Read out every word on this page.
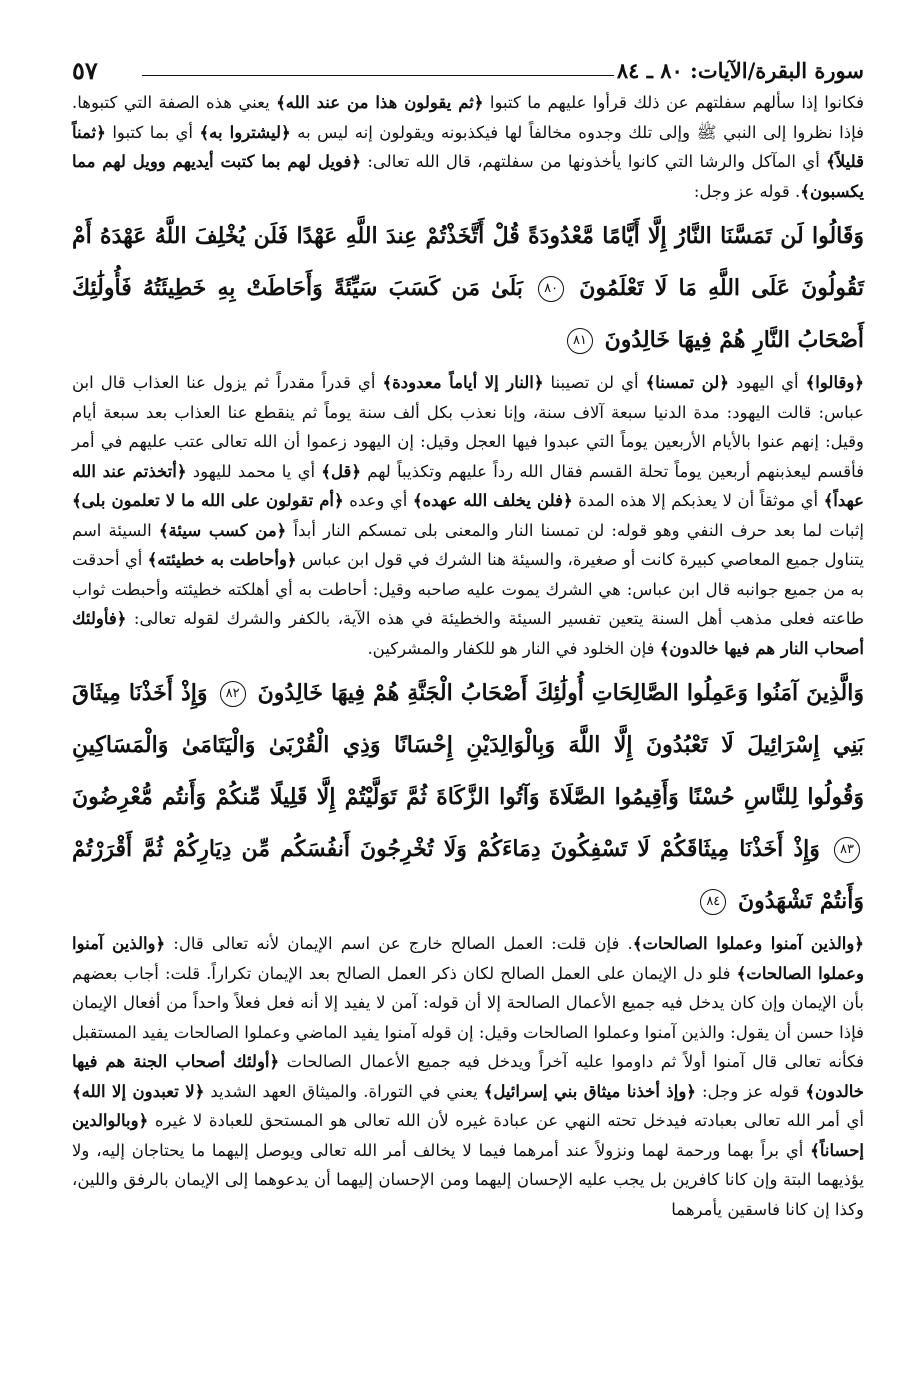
سورة البقرة/الآيات: ٨٠ ـ ٨٤
٥٧

فكانوا إذا سألهم سفلتهم عن ذلك قرأوا عليهم ما كتبوا ﴿ثم يقولون هذا من عند الله﴾ يعني هذه الصفة التي كتبوها. فإذا نظروا إلى النبي ﷺ وإلى تلك وجدوه مخالفاً لها فيكذبونه ويقولون إنه ليس به ﴿ليشتروا به﴾ أي بما كتبوا ﴿ثمناً قليلاً﴾ أي المآكل والرشا التي كانوا يأخذونها من سفلتهم، قال الله تعالى: ﴿فويل لهم بما كتبت أيديهم وويل لهم مما يكسبون﴾. قوله عز وجل:

وَقَالُوا لَن تَمَسَّنَا النَّارُ إِلَّا أَيَّامًا مَّعْدُودَةً قُلْ أَتَّخَذْتُمْ عِندَ اللَّهِ عَهْدًا فَلَن يُخْلِفَ اللَّهُ عَهْدَهُ أَمْ تَقُولُونَ عَلَى اللَّهِ مَا لَا تَعْلَمُونَ ٨٠ بَلَىٰ مَن كَسَبَ سَيِّئَةً وَأَحَاطَتْ بِهِ خَطِيئَتُهُ فَأُولَٰئِكَ أَصْحَابُ النَّارِ هُمْ فِيهَا خَالِدُونَ ٨١

﴿وقالوا﴾ أي اليهود ﴿لن تمسنا﴾ أي لن تصيبنا ﴿النار إلا أياماً معدودة﴾ أي قدراً مقدراً ثم يزول عنا العذاب قال ابن عباس: قالت اليهود: مدة الدنيا سبعة آلاف سنة، وإنا نعذب بكل ألف سنة يوماً ثم ينقطع عنا العذاب بعد سبعة أيام وقيل: إنهم عنوا بالأيام الأربعين يوماً التي عبدوا فيها العجل وقيل: إن اليهود زعموا أن الله تعالى عتب عليهم في أمر فأقسم ليعذبنهم أربعين يوماً تحلة القسم فقال الله رداً عليهم وتكذيباً لهم ﴿قل﴾ أي يا محمد لليهود ﴿أتخذتم عند الله عهداً﴾ أي موثقاً أن لا يعذبكم إلا هذه المدة ﴿فلن يخلف الله عهده﴾ أي وعده ﴿أم تقولون على الله ما لا تعلمون بلى﴾ إثبات لما بعد حرف النفي وهو قوله: لن تمسنا النار والمعنى بلى تمسكم النار أبداً ﴿من كسب سيئة﴾ السيئة اسم يتناول جميع المعاصي كبيرة كانت أو صغيرة، والسيئة هنا الشرك في قول ابن عباس ﴿وأحاطت به خطيئته﴾ أي أحدقت به من جميع جوانبه قال ابن عباس: هي الشرك يموت عليه صاحبه وقيل: أحاطت به أي أهلكته خطيئته وأحبطت ثواب طاعته فعلى مذهب أهل السنة يتعين تفسير السيئة والخطيئة في هذه الآية، بالكفر والشرك لقوله تعالى: ﴿فأولئك أصحاب النار هم فيها خالدون﴾ فإن الخلود في النار هو للكفار والمشركين.

وَالَّذِينَ آمَنُوا وَعَمِلُوا الصَّالِحَاتِ أُولَٰئِكَ أَصْحَابُ الْجَنَّةِ هُمْ فِيهَا خَالِدُونَ ٨٢ وَإِذْ أَخَذْنَا مِيثَاقَ بَنِي إِسْرَائِيلَ لَا تَعْبُدُونَ إِلَّا اللَّهَ وَبِالْوَالِدَيْنِ إِحْسَانًا وَذِي الْقُرْبَىٰ وَالْيَتَامَىٰ وَالْمَسَاكِينِ وَقُولُوا لِلنَّاسِ حُسْنًا وَأَقِيمُوا الصَّلَاةَ وَآتُوا الزَّكَاةَ ثُمَّ تَوَلَّيْتُمْ إِلَّا قَلِيلًا مِّنكُمْ وَأَنتُم مُّعْرِضُونَ ٨٣ وَإِذْ أَخَذْنَا مِيثَاقَكُمْ لَا تَسْفِكُونَ دِمَاءَكُمْ وَلَا تُخْرِجُونَ أَنفُسَكُم مِّن دِيَارِكُمْ ثُمَّ أَقْرَرْتُمْ وَأَنتُمْ تَشْهَدُونَ ٨٤

﴿والذين آمنوا وعملوا الصالحات﴾. فإن قلت: العمل الصالح خارج عن اسم الإيمان لأنه تعالى قال: ﴿والذين آمنوا وعملوا الصالحات﴾ فلو دل الإيمان على العمل الصالح لكان ذكر العمل الصالح بعد الإيمان تكراراً. قلت: أجاب بعضهم بأن الإيمان وإن كان يدخل فيه جميع الأعمال الصالحة إلا أن قوله: آمن لا يفيد إلا أنه فعل فعلاً واحداً من أفعال الإيمان فإذا حسن أن يقول: والذين آمنوا وعملوا الصالحات وقيل: إن قوله آمنوا يفيد الماضي وعملوا الصالحات يفيد المستقبل فكأنه تعالى قال آمنوا أولاً ثم داوموا عليه آخراً ويدخل فيه جميع الأعمال الصالحات ﴿أولئك أصحاب الجنة هم فيها خالدون﴾ قوله عز وجل: ﴿وإذ أخذنا ميثاق بني إسرائيل﴾ يعني في التوراة. والميثاق العهد الشديد ﴿لا تعبدون إلا الله﴾ أي أمر الله تعالى بعبادته فيدخل تحته النهي عن عبادة غيره لأن الله تعالى هو المستحق للعبادة لا غيره ﴿وبالوالدين إحساناً﴾ أي براً بهما ورحمة لهما ونزولاً عند أمرهما فيما لا يخالف أمر الله تعالى ويوصل إليهما ما يحتاجان إليه، ولا يؤذيهما البتة وإن كانا كافرين بل يجب عليه الإحسان إليهما ومن الإحسان إليهما أن يدعوهما إلى الإيمان بالرفق واللين، وكذا إن كانا فاسقين يأمرهما
